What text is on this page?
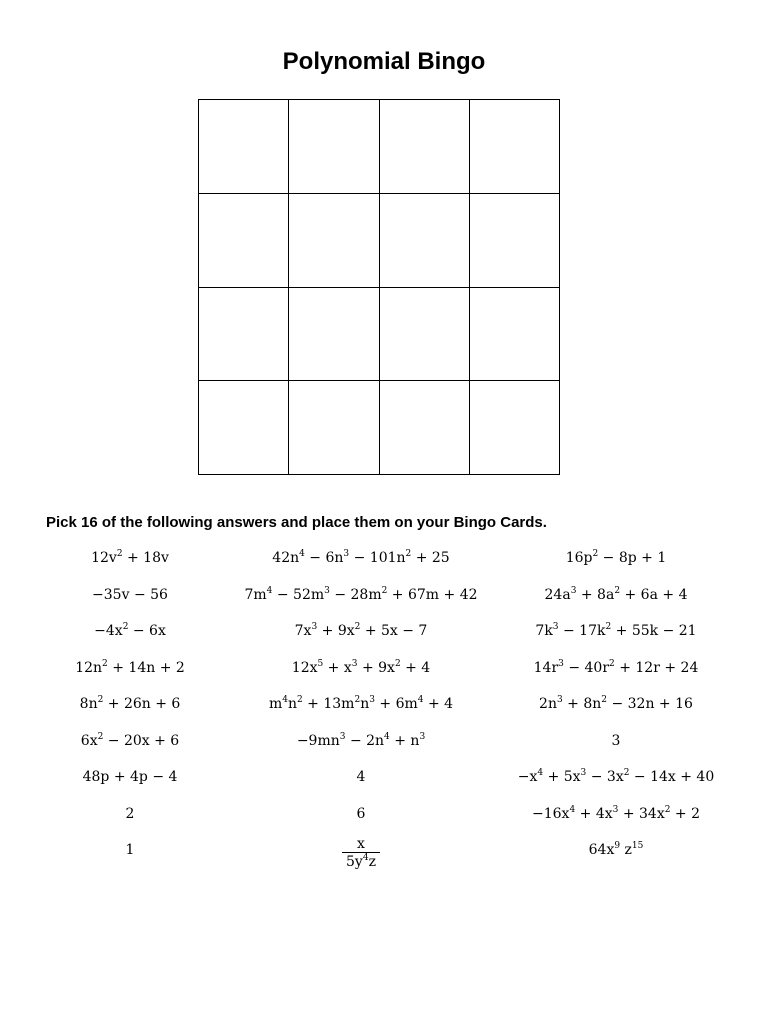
Polynomial Bingo

Pick 16 of the following answers and place them on your Bingo Cards.

$12v^2 + 18v$	$42n^4 - 6n^3 - 101n^2 + 25$	$16p^2 - 8p + 1$
−35v − 56	$7m^4 - 52m^3 - 28m^2 + 67m + 42$	$24a^3 + 8a^2 + 6a + 4$
$-4x^2 - 6x$	$7x^3 + 9x^2 + 5x - 7$	$7k^3 - 17k^2 + 55k - 21$
$12n^2 + 14n + 2$	$12x^5 + x^3 + 9x^2 + 4$	$14r^3 - 40r^2 + 12r + 24$
$8n^2 + 26n + 6$	$m^4n^2 + 13m^2n^3 + 6m^4 + 4$	$2n^3 + 8n^2 - 32n + 16$
$6x^2 - 20x + 6$	$-9mn^3 - 2n^4 + n^3$	3
48p + 4p − 4	4	$-x^4 + 5x^3 - 3x^2 - 14x + 40$
2	6	$-16x^4 + 4x^3 + 34x^2 + 2$
1	$\frac{x}{5y^4z}$	$64x^9$ $z^{15}$
